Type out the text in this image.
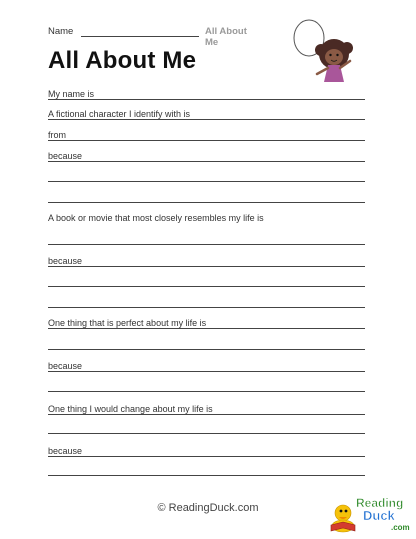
Name	All About Me
All About Me
My name is
A fictional character I identify with is
from
because
A book or movie that most closely resembles my life is
because
One thing that is perfect about my life is
because
One thing I would change about my life is
because
© ReadingDuck.com	Reading
Duck
.com
